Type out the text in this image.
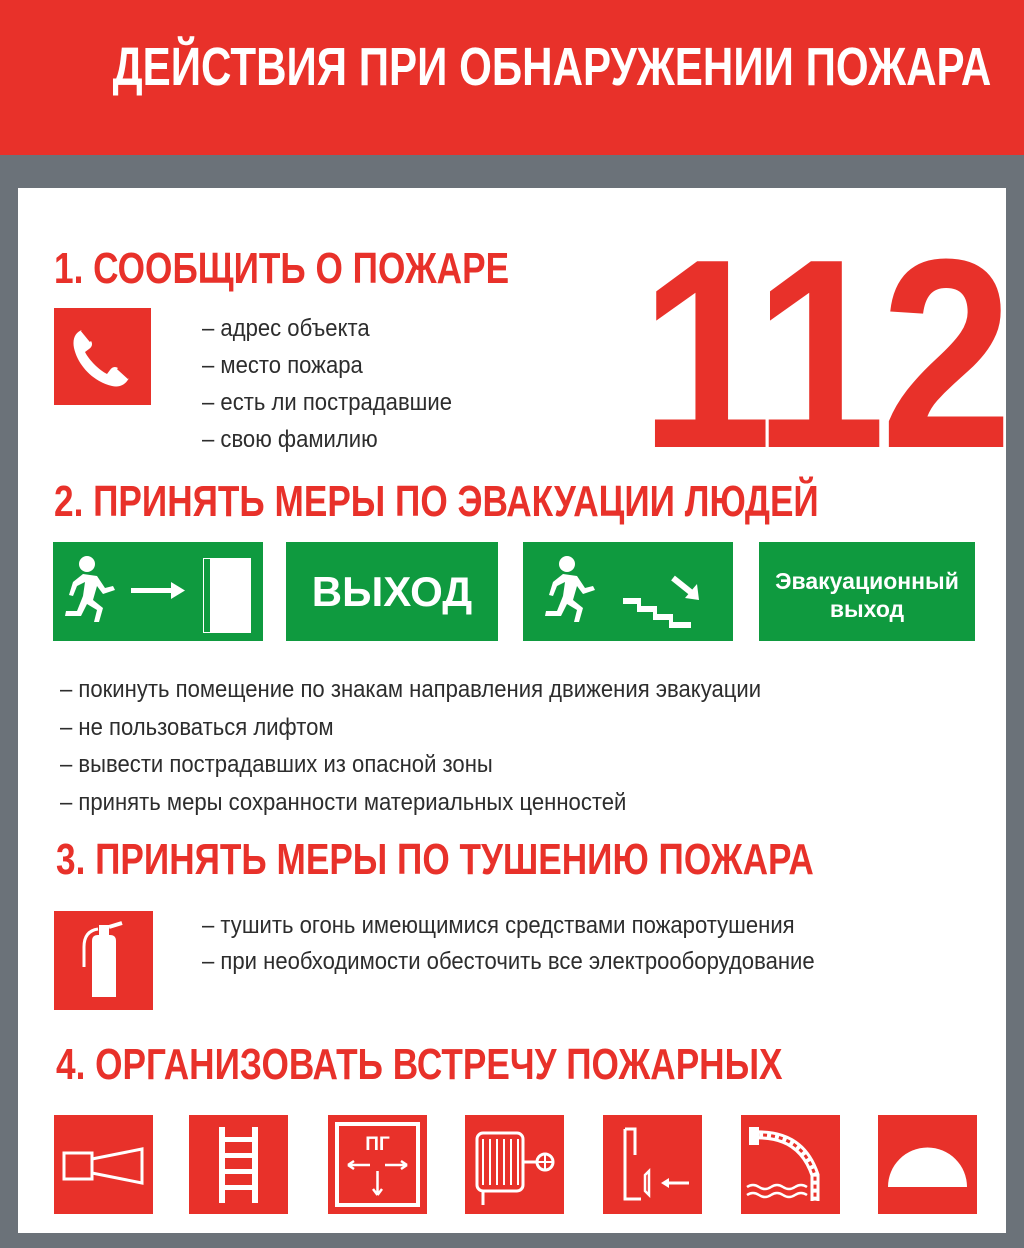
ДЕЙСТВИЯ ПРИ ОБНАРУЖЕНИИ ПОЖАРА
1. СООБЩИТЬ О ПОЖАРЕ
– адрес объекта
– место пожара
– есть ли пострадавшие
– свою фамилию 112
2. ПРИНЯТЬ МЕРЫ ПО ЭВАКУАЦИИ ЛЮДЕЙ
ВЫХОД	Эвакуационный
выход
– покинуть помещение по знакам направления движения эвакуации
– не пользоваться лифтом
– вывести пострадавших из опасной зоны
– принять меры сохранности материальных ценностей
3. ПРИНЯТЬ МЕРЫ ПО ТУШЕНИЮ ПОЖАРА
– тушить огонь имеющимися средствами пожаротушения
– при необходимости обесточить все электрооборудование
4. ОРГАНИЗОВАТЬ ВСТРЕЧУ ПОЖАРНЫХ
ПГ
